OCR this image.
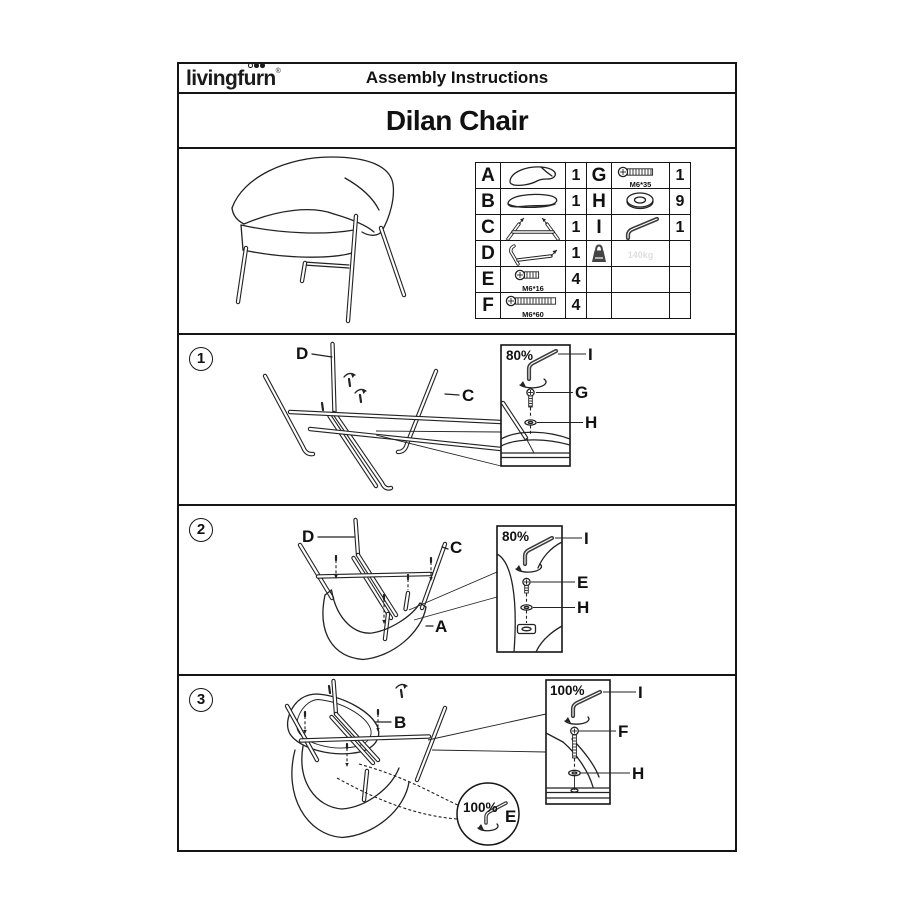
livingfurn®	Assembly Instructions
Dilan Chair
A		1	G	M6*35	1
B		1	H		9
C		1	I		1
D		1		140kg	
E	M6*16	4			
F	M6*60	4			
1	D
C
80%	I
G
H
2	D
C
A
80%	I
E
H
3
B
100%	I
F
H
100% E
